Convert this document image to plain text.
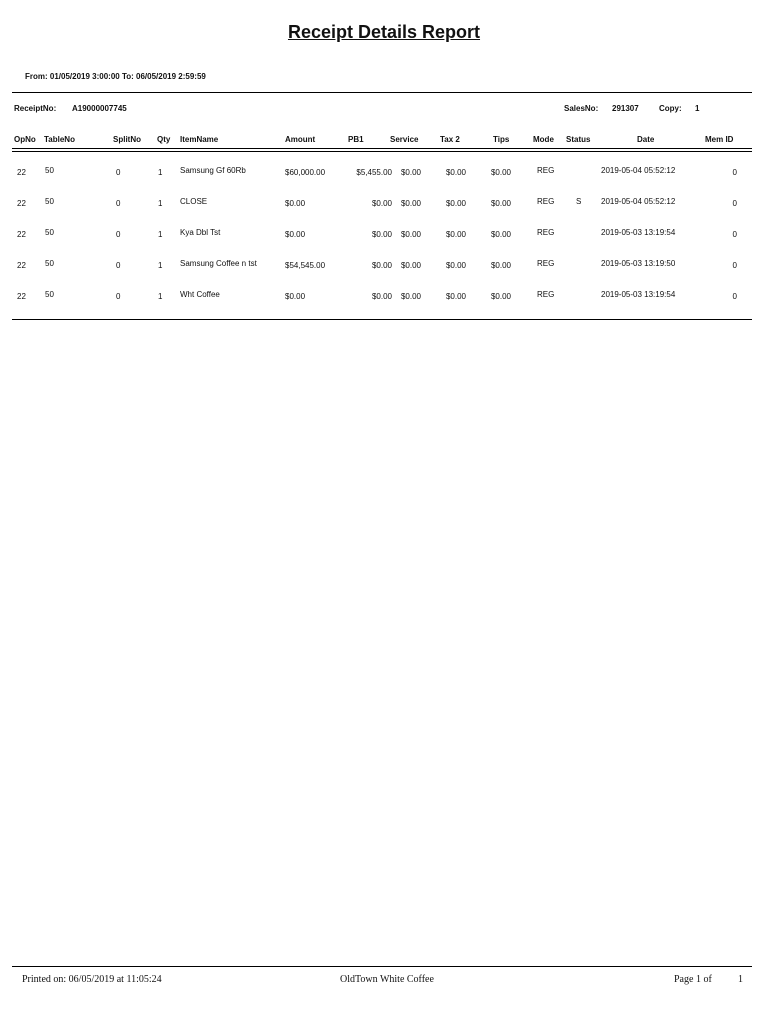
Receipt Details Report
From: 01/05/2019 3:00:00 To: 06/05/2019 2:59:59
ReceiptNo: A19000007745	SalesNo: 291307	Copy: 1
OpNo TableNo	SplitNo Qty ItemName	Amount	PB1	Service	Tax 2	Tips	Mode Status	Date	Mem ID
22 50	0	1 Samsung Gf 60Rb	$60,000.00	$5,455.00 $0.00	$0.00	$0.00	REG	2019-05-04 05:52:12	0
22 50	0	1 CLOSE	$0.00	$0.00 $0.00	$0.00	$0.00	REG	S 2019-05-04 05:52:12	0
22 50	0	1 Kya Dbl Tst	$0.00	$0.00 $0.00	$0.00	$0.00	REG	2019-05-03 13:19:54	0
22 50	0	1 Samsung Coffee n tst	$54,545.00	$0.00 $0.00	$0.00	$0.00	REG	2019-05-03 13:19:50	0
22 50	0	1 Wht Coffee	$0.00	$0.00 $0.00	$0.00	$0.00	REG	2019-05-03 13:19:54	0
Printed on: 06/05/2019 at 11:05:24	OldTown White Coffee	Page 1 of	1
